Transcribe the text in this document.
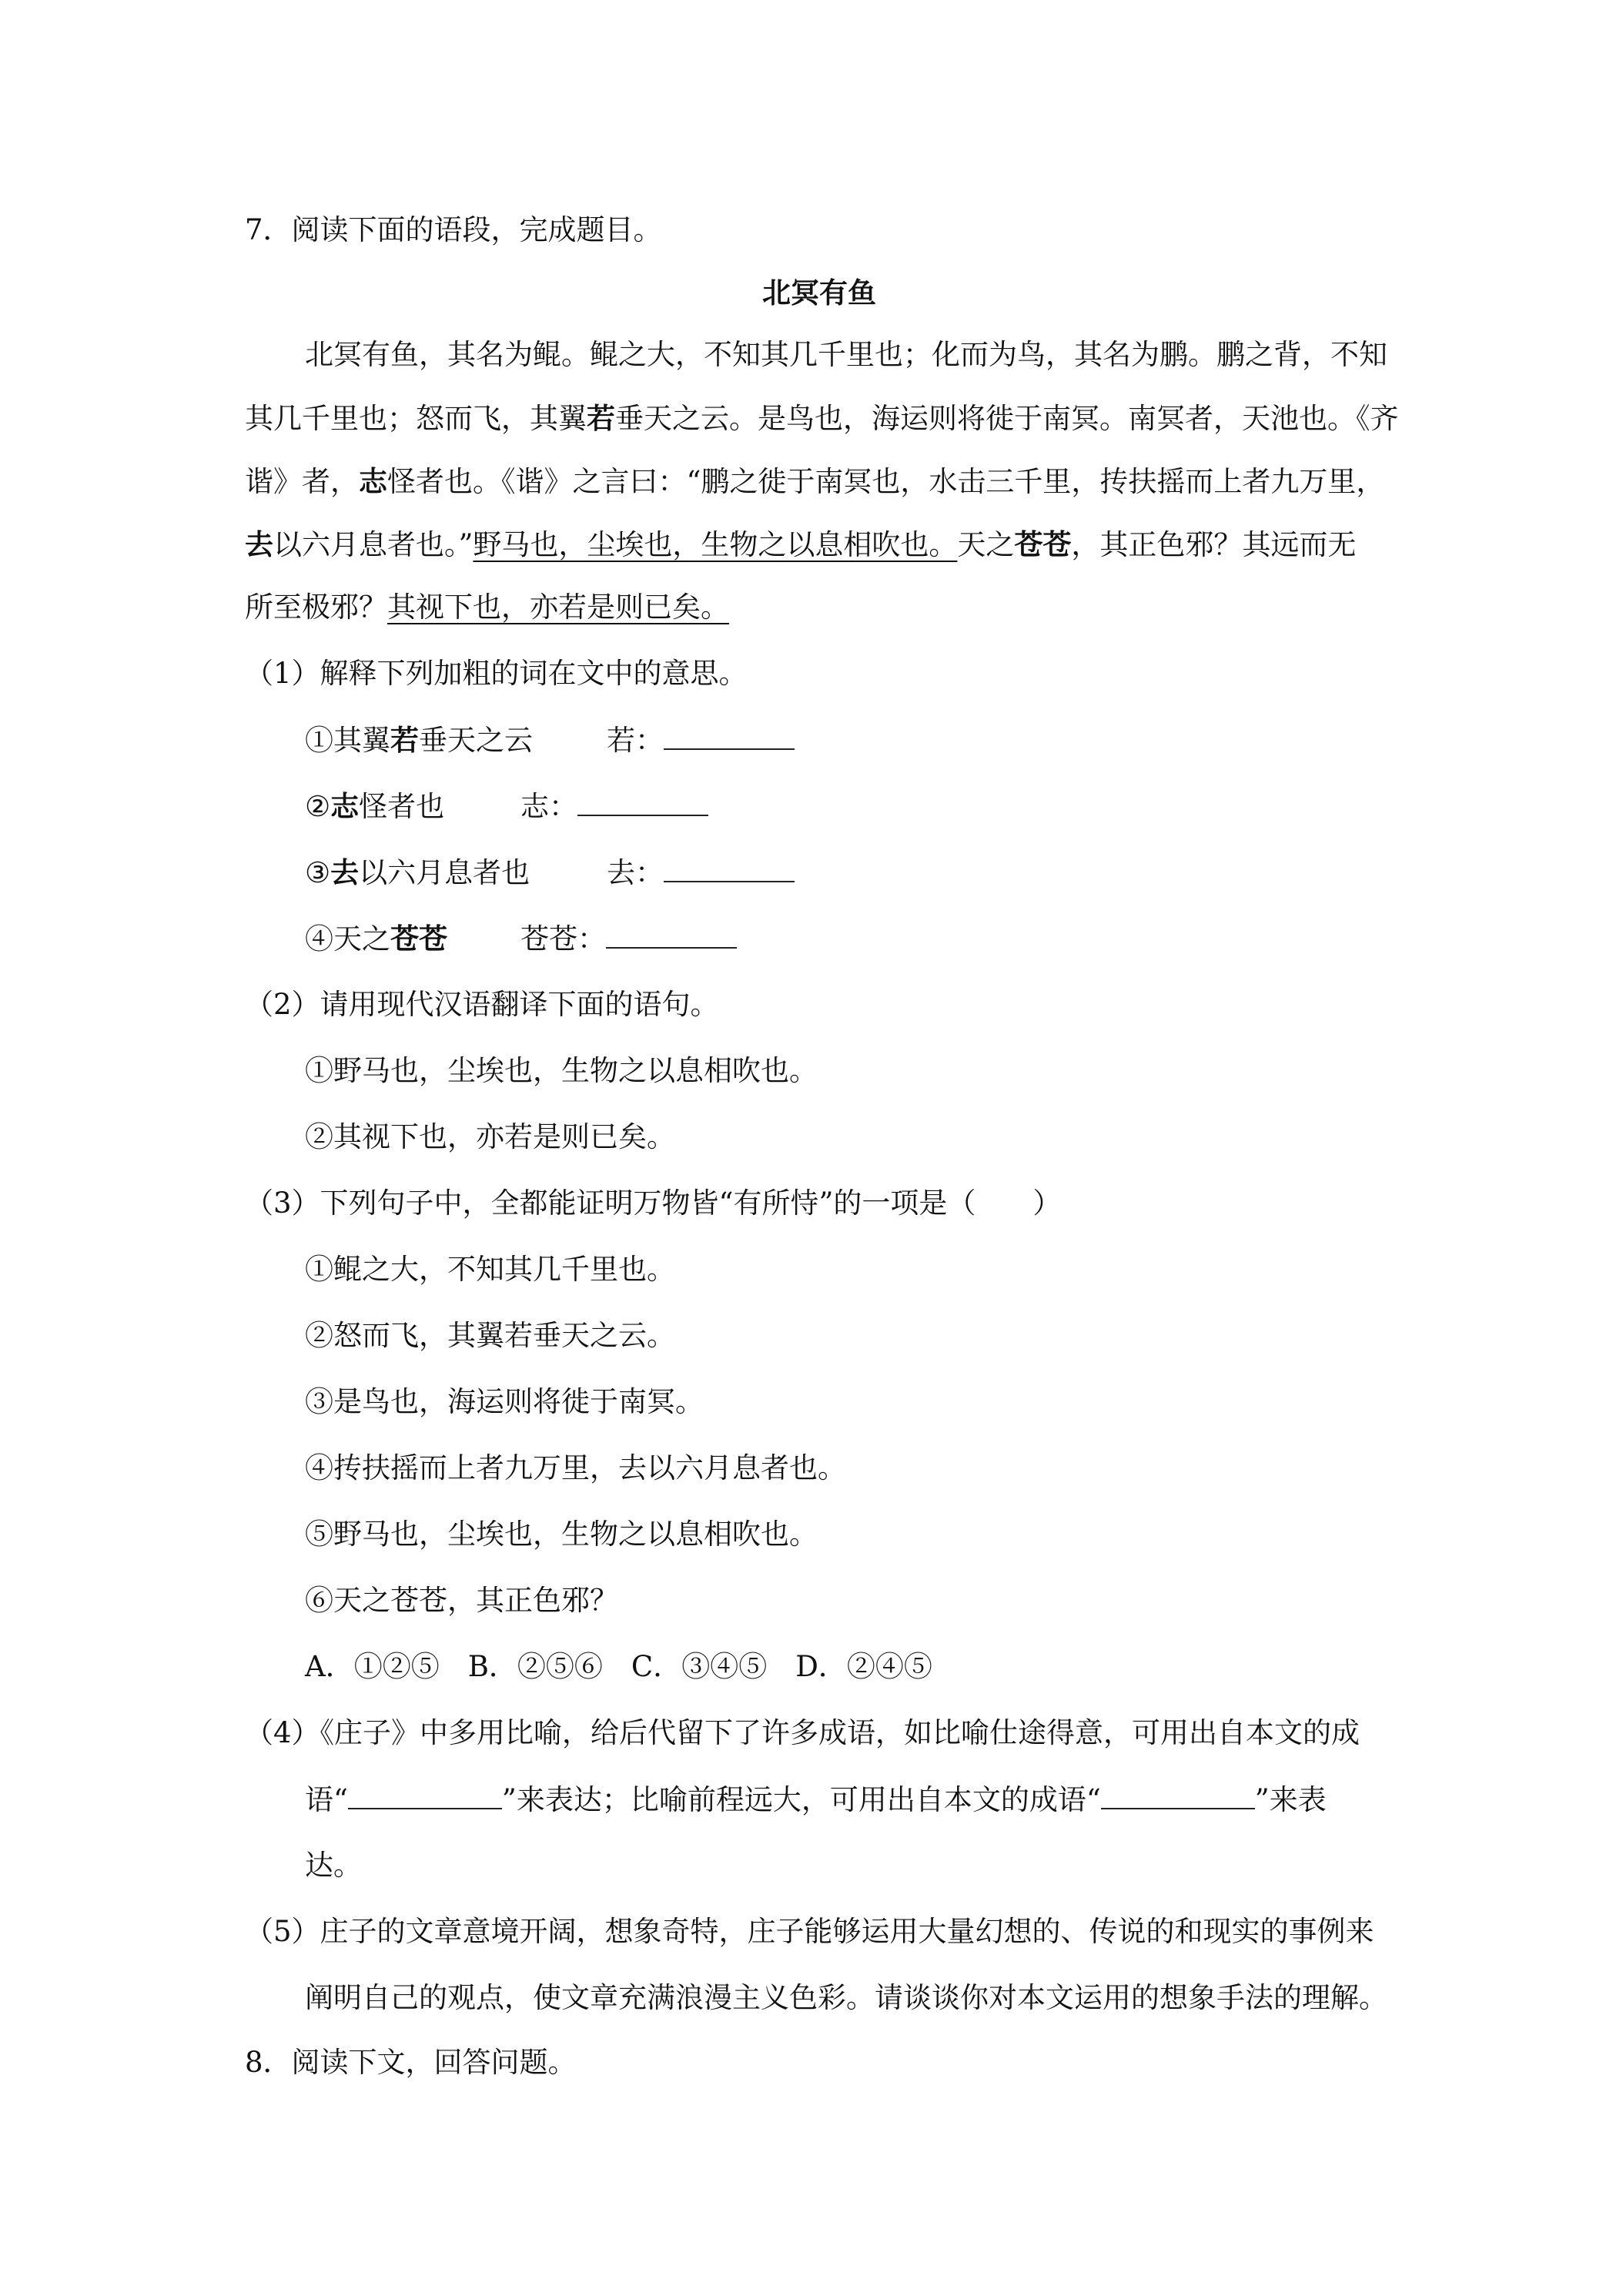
7．阅读下面的语段，完成题目。
北冥有鱼
北冥有鱼，其名为鲲。鲲之大，不知其几千里也；化而为鸟，其名为鹏。鹏之背，不知
其几千里也；怒而飞，其翼若垂天之云。是鸟也，海运则将徙于南冥。南冥者，天池也。《齐
谐》者，志怪者也。《谐》之言曰：“鹏之徙于南冥也，水击三千里，抟扶摇而上者九万里，
去以六月息者也。”野马也，尘埃也，生物之以息相吹也。天之苍苍，其正色邪？其远而无
所至极邪？其视下也，亦若是则已矣。
（1）解释下列加粗的词在文中的意思。
①其翼若垂天之云	若：
②志怪者也	志：
③去以六月息者也	去：
④天之苍苍	苍苍：
（2）请用现代汉语翻译下面的语句。
①野马也，尘埃也，生物之以息相吹也。
②其视下也，亦若是则已矣。
（3）下列句子中，全都能证明万物皆“有所恃”的一项是（　　）
①鲲之大，不知其几千里也。
②怒而飞，其翼若垂天之云。
③是鸟也，海运则将徙于南冥。
④抟扶摇而上者九万里，去以六月息者也。
⑤野马也，尘埃也，生物之以息相吹也。
⑥天之苍苍，其正色邪？
A．①②⑤　B．②⑤⑥　C．③④⑤　D．②④⑤
（4）《庄子》中多用比喻，给后代留下了许多成语，如比喻仕途得意，可用出自本文的成
语“	”来表达；比喻前程远大，可用出自本文的成语“	”来表
达。
（5）庄子的文章意境开阔，想象奇特，庄子能够运用大量幻想的、传说的和现实的事例来
阐明自己的观点，使文章充满浪漫主义色彩。请谈谈你对本文运用的想象手法的理解。
8．阅读下文，回答问题。
